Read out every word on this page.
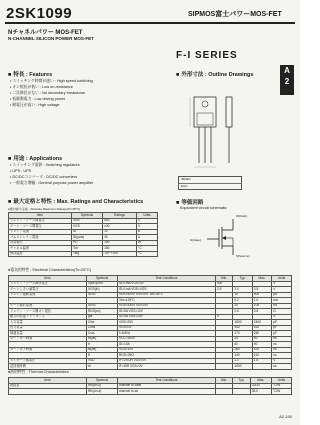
2SK1099	SIPMOS富士パワーMOS-FET
Nチャネルパワー MOS-FET
N-CHANNEL SILICON POWER MOS-FET
F-I SERIES
A
2
■ 特長 : Features
• スイッチング時間が速い : High speed switching
• オン抵抗が低い : Low on-resistance
• 二次降伏がない : No secondary breakdown
• 低駆動電力 : Low driving power
• 耐電圧が高い : High voltage
■ 用途 : Applications
• スイッチング電源 : Switching regulators
• UPS : UPS
• DC/DCコンバータ : DC/DC converters
• 一般電力増幅 : General purpose power amplifier
■ 外形寸法 : Outline Drawings
JEDEC
EIAJ
■ 等価回路
Equivalent circuit schematic
G(Gate)
D(Drain)
S(Source)
■ 最大定格と特性 : Max. Ratings and Characteristics
●絶対最大定格 : Absolute Maximum Ratings(Tc=25°C)
Item	Symbols	Ratings	Units
ドレイン・ソース間電圧	VDS	500	V
ゲート・ソース間電圧	VGS	±30	V
ドレイン電流	ID	10	A
パルスドレイン電流	ID(puls)	40	A
許容損失	PD	150	W
チャネル温度	Tch	150	°C
保存温度	Tstg	-55~+150	°C
●電気的特性 : Electrical Characteristics(Tc=25°C)
Item	Symbols	Test Conditions	Min.	Typ.	Max.	Units
ドレイン・ソース降伏電圧	V(BR)DSS	ID=1mA VGS=0V	500			V
ゲートしきい値電圧	VGS(th)	ID=1mA VDS=VGS	2.5	3.0	3.5	V
ドレイン遮断電流	IDSS	VDS=500V VGS=0V Tch=25°C		10	500	μA
		Tch=125°C		0.2	1.0	mA
ゲート漏れ電流	IGSS	VGS=±30V VDS=0V		10	100	nA
ドレイン・ソース間オン抵抗	RDS(on)	ID=5A VGS=10V		0.6	0.8	Ω
順方向伝達アドミタンス	gfs	ID=5A VDS=25V	4			S
入力容量	Ciss	VDS=25V		1800	2400	pF
出力容量	Coss	VGS=0V		340	520	pF
帰還容量	Crss	f=1MHz		170	260	pF
ターンオン時間	td(on)	VCC=300V		25	40	ns
	tr	ID=10A		60	90	ns
ターンオフ時間	td(off)	VGS=10V		280	420	ns
	tf	RGS=25Ω		140	210	ns
ダイオード順電圧	VSD	IF=2×IDR VGS=0V		1.1	1.6	V
逆回復時間	trr	IF=IDR VGS=0V		1000		ns
●熱的特性 : Thermal Characteristics
Item	Symbols	Test Conditions	Min.	Typ.	Max.	Units
熱抵抗	Rth(ch-c)	channel to case			0.833	°C/W
	Rth(ch-a)	channel to air			35.0	°C/W
A2-190
